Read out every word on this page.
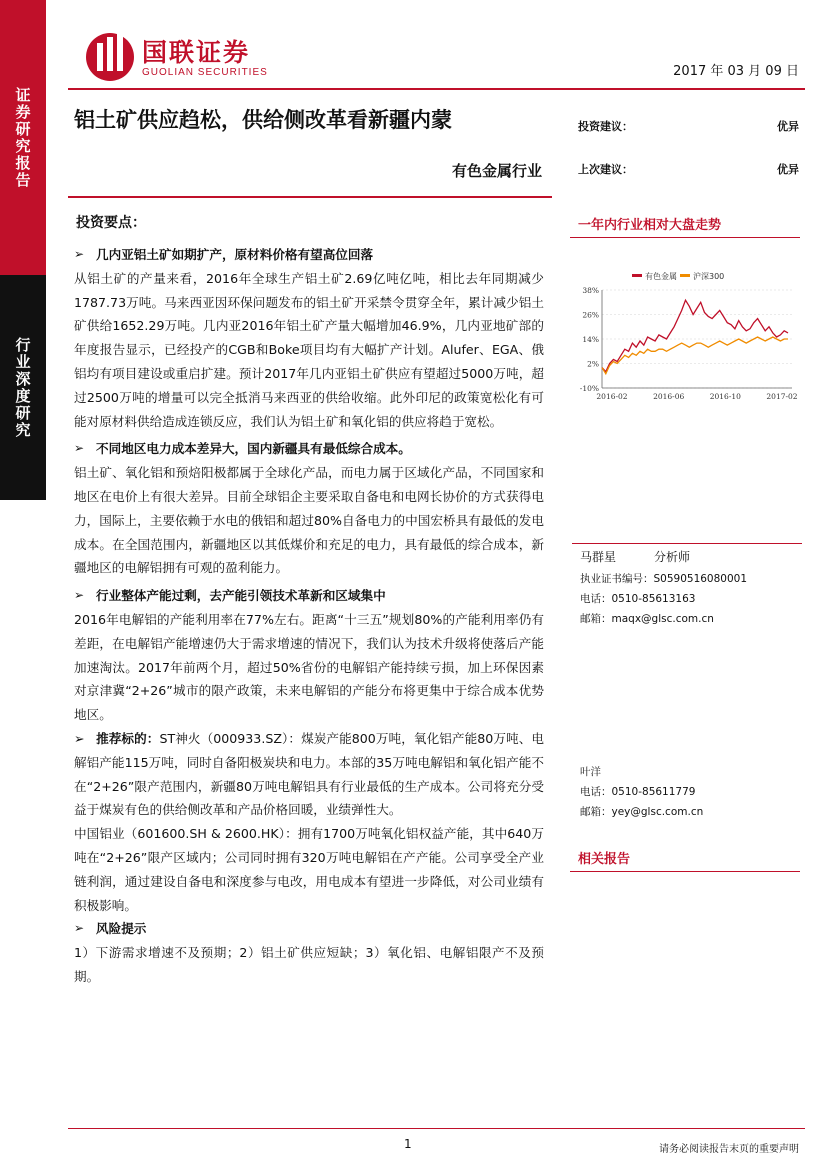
证券研究报告
行业深度研究
国联证券
GUOLIAN SECURITIES	2017 年 03 月 09 日
铝土矿供应趋松，供给侧改革看新疆内蒙
有色金属行业
投资建议：	优异
上次建议：	优异
投资要点：
➢ 几内亚铝土矿如期扩产，原材料价格有望高位回落
从铝土矿的产量来看，2016年全球生产铝土矿2.69亿吨亿吨，相比去年同期减少1787.73万吨。马来西亚因环保问题发布的铝土矿开采禁令贯穿全年，累计减少铝土矿供给1652.29万吨。几内亚2016年铝土矿产量大幅增加46.9%，几内亚地矿部的年度报告显示，已经投产的CGB和Boke项目均有大幅扩产计划。Alufer、EGA、俄铝均有项目建设或重启扩建。预计2017年几内亚铝土矿供应有望超过5000万吨，超过2500万吨的增量可以完全抵消马来西亚的供给收缩。此外印尼的政策宽松化有可能对原材料供给造成连锁反应，我们认为铝土矿和氧化铝的供应将趋于宽松。
➢ 不同地区电力成本差异大，国内新疆具有最低综合成本。
铝土矿、氧化铝和预焙阳极都属于全球化产品，而电力属于区域化产品，不同国家和地区在电价上有很大差异。目前全球铝企主要采取自备电和电网长协价的方式获得电力，国际上，主要依赖于水电的俄铝和超过80%自备电力的中国宏桥具有最低的发电成本。在全国范围内，新疆地区以其低煤价和充足的电力，具有最低的综合成本，新疆地区的电解铝拥有可观的盈利能力。
➢ 行业整体产能过剩，去产能引领技术革新和区域集中
2016年电解铝的产能利用率在77%左右。距离“十三五”规划80%的产能利用率仍有差距，在电解铝产能增速仍大于需求增速的情况下，我们认为技术升级将使落后产能加速淘汰。2017年前两个月，超过50%省份的电解铝产能持续亏损，加上环保因素对京津冀“2+26”城市的限产政策，未来电解铝的产能分布将更集中于综合成本优势地区。
➢ 推荐标的：ST神火（000933.SZ）：煤炭产能800万吨，氧化铝产能80万吨、电解铝产能115万吨，同时自备阳极炭块和电力。本部的35万吨电解铝和氧化铝产能不在“2+26”限产范围内，新疆80万吨电解铝具有行业最低的生产成本。公司将充分受益于煤炭有色的供给侧改革和产品价格回暖，业绩弹性大。
中国铝业（601600.SH & 2600.HK）：拥有1700万吨氧化铝权益产能，其中640万吨在“2+26”限产区域内；公司同时拥有320万吨电解铝在产产能。公司享受全产业链利润，通过建设自备电和深度参与电改，用电成本有望进一步降低，对公司业绩有积极影响。
➢ 风险提示
1）下游需求增速不及预期；2）铝土矿供应短缺；3）氧化铝、电解铝限产不及预期。
一年内行业相对大盘走势
有色金属 沪深300
38%
26%
14%
2%
-10%
2016-02	2016-06	2016-10	2017-02
马群星	分析师
执业证书编号：S0590516080001
电话：0510-85613163
邮箱：maqx@glsc.com.cn
叶洋
电话：0510-85611779
邮箱：yey@glsc.com.cn
相关报告
1	请务必阅读报告末页的重要声明
